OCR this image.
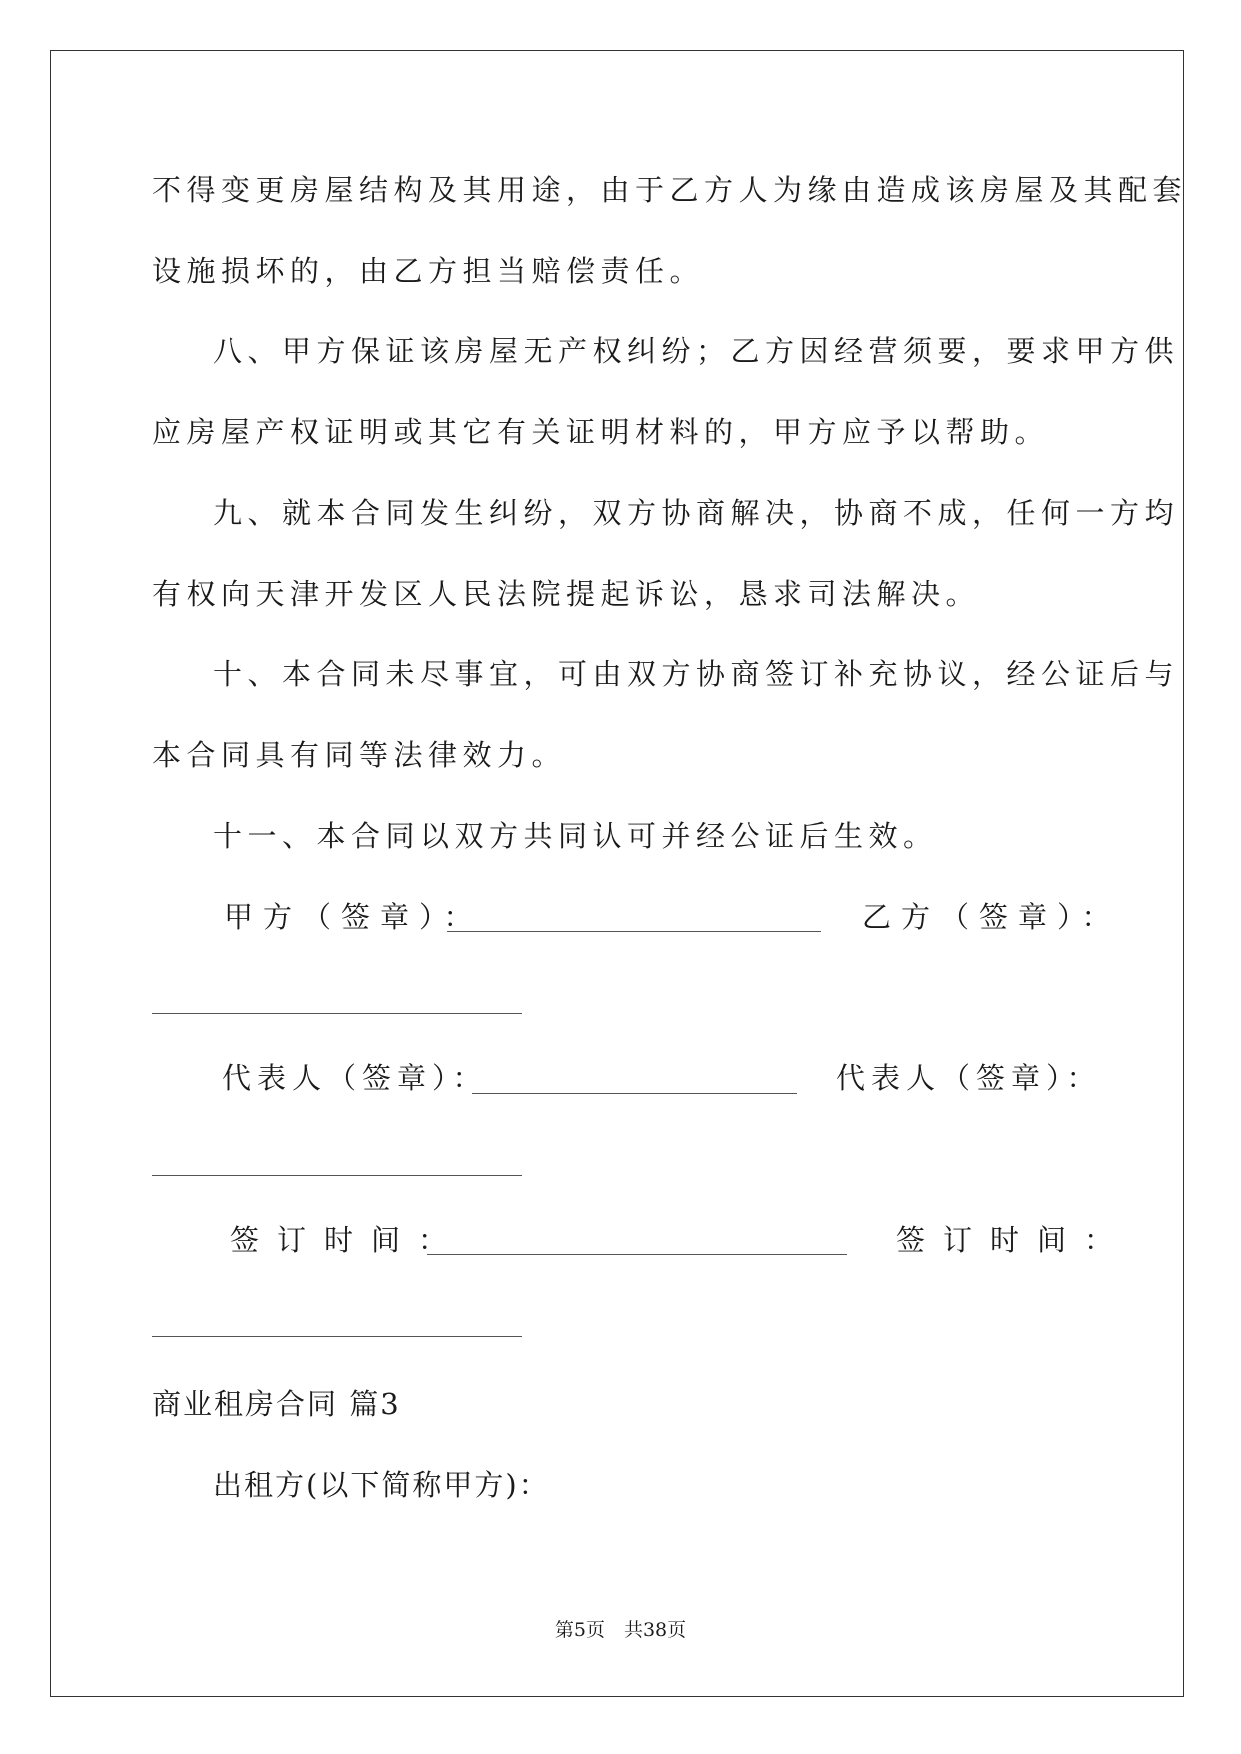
不得变更房屋结构及其用途，由于乙方人为缘由造成该房屋及其配套
设施损坏的，由乙方担当赔偿责任。
八、甲方保证该房屋无产权纠纷；乙方因经营须要，要求甲方供
应房屋产权证明或其它有关证明材料的，甲方应予以帮助。
九、就本合同发生纠纷，双方协商解决，协商不成，任何一方均
有权向天津开发区人民法院提起诉讼，恳求司法解决。
十、本合同未尽事宜，可由双方协商签订补充协议，经公证后与
本合同具有同等法律效力。
十一、本合同以双方共同认可并经公证后生效。
甲方（签章）：	乙方（签章）：
代表人（签章）：	代表人（签章）：
签订时间：	签订时间：
商业租房合同 篇3
出租方(以下简称甲方)：
第5页　共38页
